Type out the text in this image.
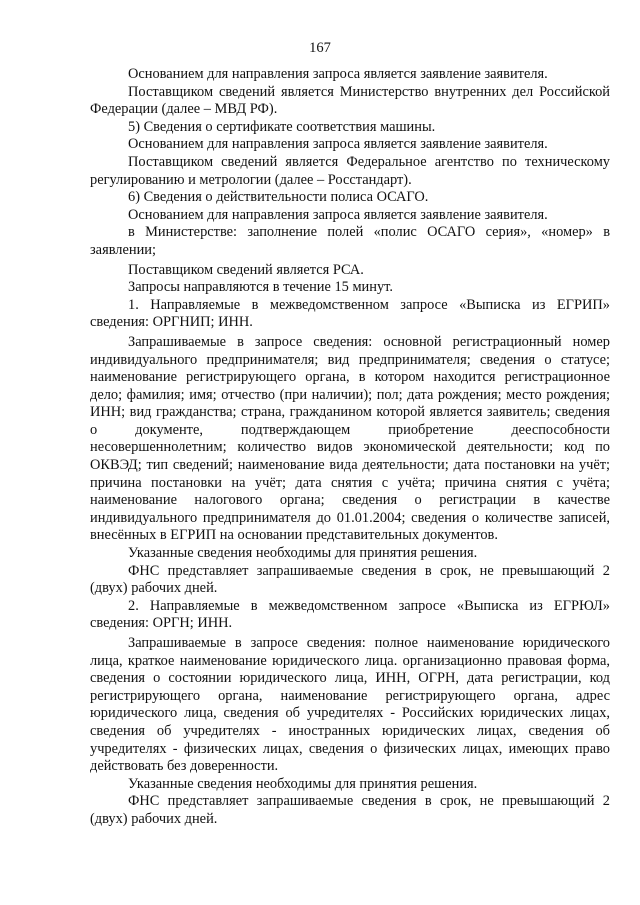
167

Основанием для направления запроса является заявление заявителя.

Поставщиком сведений является Министерство внутренних дел Российской Федерации (далее – МВД РФ).

5) Сведения о сертификате соответствия машины.

Основанием для направления запроса является заявление заявителя.

Поставщиком сведений является Федеральное агентство по техническому регулированию и метрологии (далее – Росстандарт).

6) Сведения о действительности полиса ОСАГО.

Основанием для направления запроса является заявление заявителя.

в Министерстве: заполнение полей «полис ОСАГО серия», «номер» в заявлении;

Поставщиком сведений является РСА.

Запросы направляются в течение 15 минут.

1. Направляемые в межведомственном запросе «Выписка из ЕГРИП» сведения: ОРГНИП; ИНН.

Запрашиваемые в запросе сведения: основной регистрационный номер индивидуального предпринимателя; вид предпринимателя; сведения о статусе; наименование регистрирующего органа, в котором находится регистрационное дело; фамилия; имя; отчество (при наличии); пол; дата рождения; место рождения; ИНН; вид гражданства; страна, гражданином которой является заявитель; сведения о документе, подтверждающем приобретение дееспособности несовершеннолетним; количество видов экономической деятельности; код по ОКВЭД; тип сведений; наименование вида деятельности; дата постановки на учёт; причина постановки на учёт; дата снятия с учёта; причина снятия с учёта; наименование налогового органа; сведения о регистрации в качестве индивидуального предпринимателя до 01.01.2004; сведения о количестве записей, внесённых в ЕГРИП на основании представительных документов.

Указанные сведения необходимы для принятия решения.

ФНС представляет запрашиваемые сведения в срок, не превышающий 2 (двух) рабочих дней.

2. Направляемые в межведомственном запросе «Выписка из ЕГРЮЛ» сведения: ОРГН; ИНН.

Запрашиваемые в запросе сведения: полное наименование юридического лица, краткое наименование юридического лица. организационно правовая форма, сведения о состоянии юридического лица, ИНН, ОГРН, дата регистрации, код регистрирующего органа, наименование регистрирующего органа, адрес юридического лица, сведения об учредителях - Российских юридических лицах, сведения об учредителях - иностранных юридических лицах, сведения об учредителях - физических лицах, сведения о физических лицах, имеющих право действовать без доверенности.

Указанные сведения необходимы для принятия решения.

ФНС представляет запрашиваемые сведения в срок, не превышающий 2 (двух) рабочих дней.
